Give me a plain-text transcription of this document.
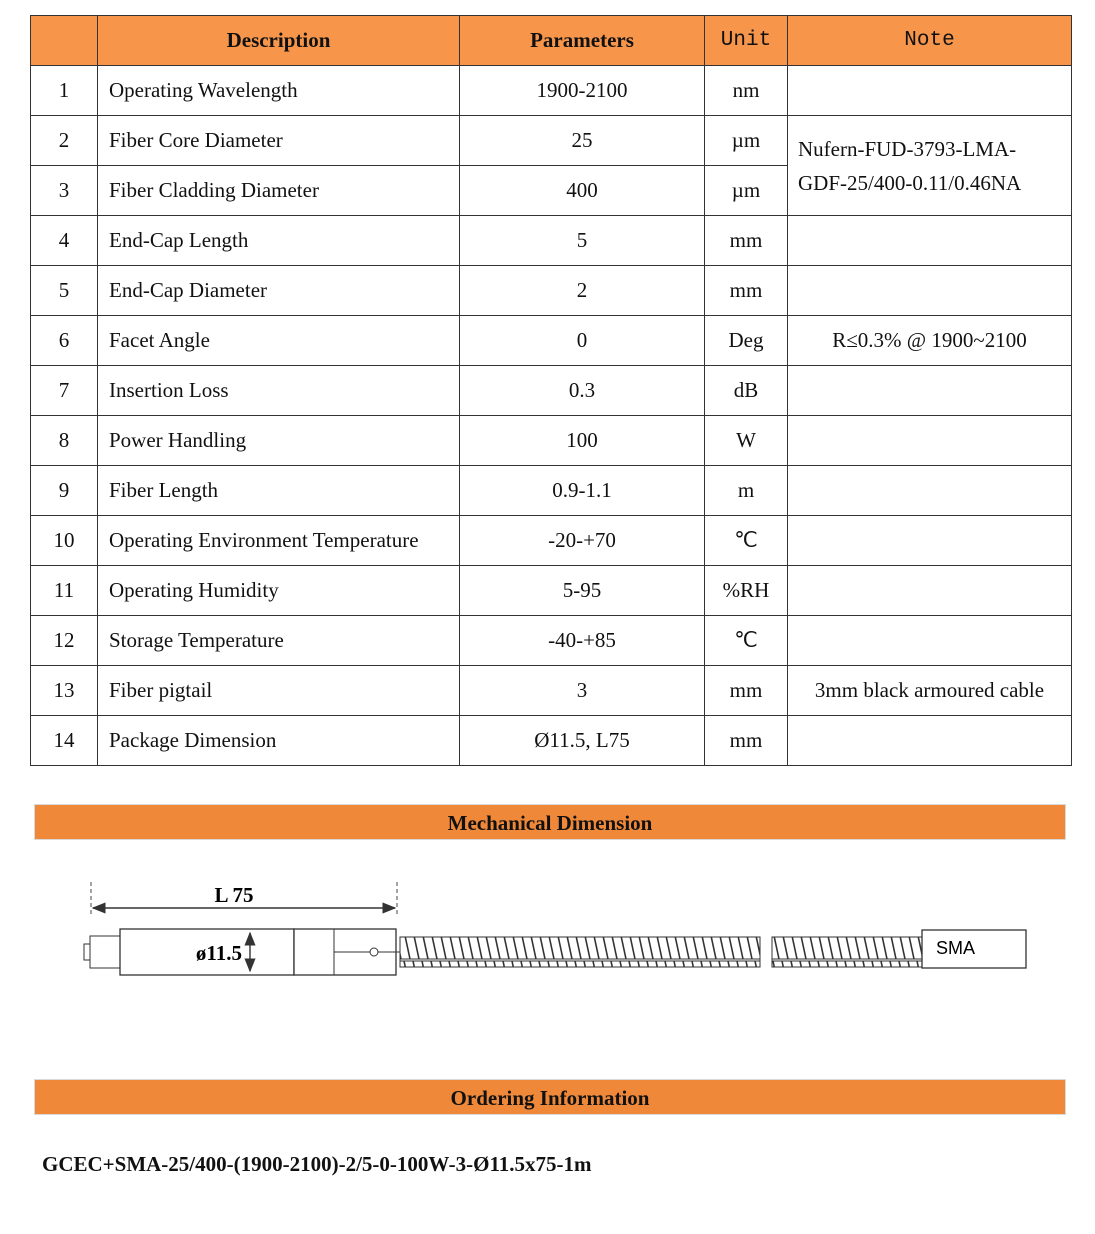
	Description	Parameters	Unit	Note
1	Operating Wavelength	1900-2100	nm	
2	Fiber Core Diameter	25	µm	Nufern-FUD-3793-LMA-
GDF-25/400-0.11/0.46NA

3	Fiber Cladding Diameter	400	µm	
4	End-Cap Length	5	mm	
5	End-Cap Diameter	2	mm	
6	Facet Angle	0	Deg	R≤0.3% @ 1900~2100
7	Insertion Loss	0.3	dB	
8	Power Handling	100	W	
9	Fiber Length	0.9-1.1	m	
10	Operating Environment Temperature	-20-+70	℃	
11	Operating Humidity	5-95	%RH	
12	Storage Temperature	-40-+85	℃	
13	Fiber pigtail	3	mm	3mm black armoured cable
14	Package Dimension	Ø11.5, L75	mm	
Mechanical Dimension
L 75
ø11.5	SMA
Ordering Information
GCEC+SMA-25/400-(1900-2100)-2/5-0-100W-3-Ø11.5x75-1m
